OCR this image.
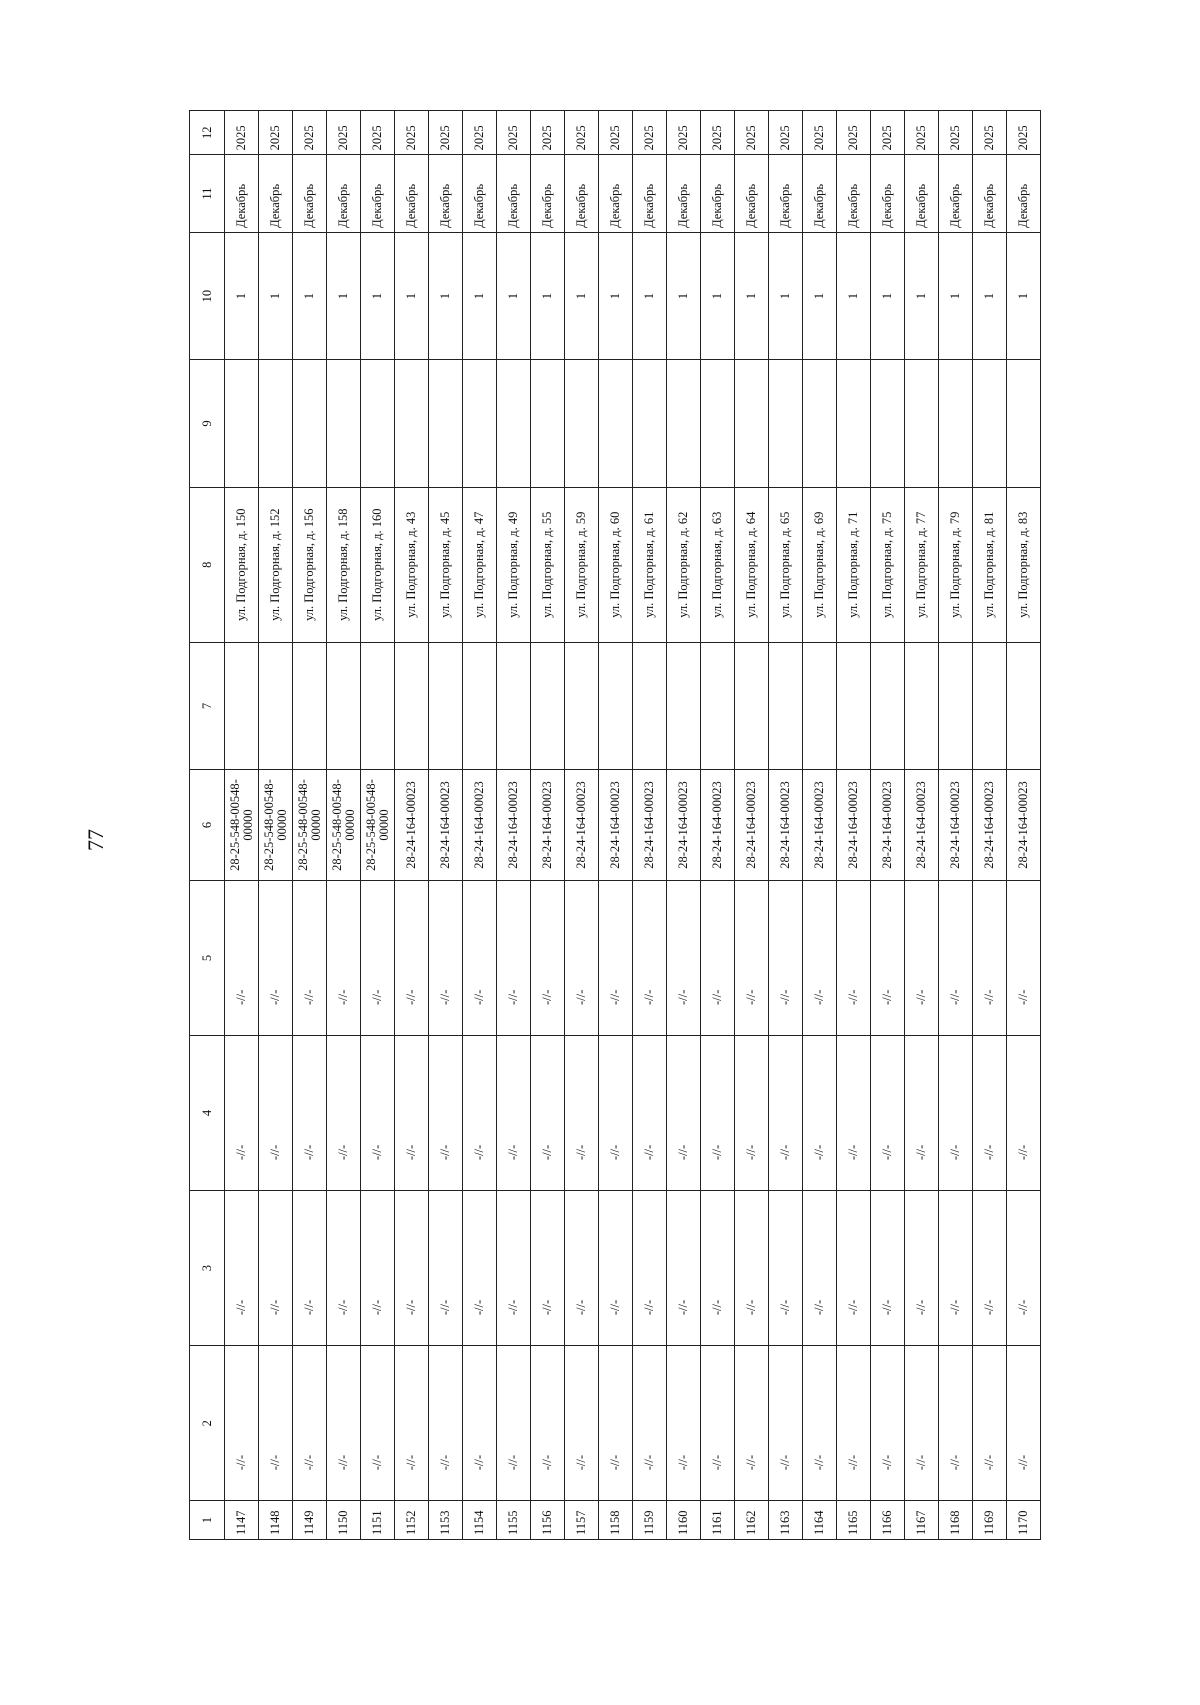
77
1	2	3	4	5	6	7	8	9	10	11	12
1147	-//-	-//-	-//-	-//-	28-25-548-00548-00000		ул. Подгорная, д. 150		1	Декабрь	2025
1148	-//-	-//-	-//-	-//-	28-25-548-00548-00000		ул. Подгорная, д. 152		1	Декабрь	2025
1149	-//-	-//-	-//-	-//-	28-25-548-00548-00000		ул. Подгорная, д. 156		1	Декабрь	2025
1150	-//-	-//-	-//-	-//-	28-25-548-00548-00000		ул. Подгорная, д. 158		1	Декабрь	2025
1151	-//-	-//-	-//-	-//-	28-25-548-00548-00000		ул. Подгорная, д. 160		1	Декабрь	2025
1152	-//-	-//-	-//-	-//-	28-24-164-00023		ул. Подгорная, д. 43		1	Декабрь	2025
1153	-//-	-//-	-//-	-//-	28-24-164-00023		ул. Подгорная, д. 45		1	Декабрь	2025
1154	-//-	-//-	-//-	-//-	28-24-164-00023		ул. Подгорная, д. 47		1	Декабрь	2025
1155	-//-	-//-	-//-	-//-	28-24-164-00023		ул. Подгорная, д. 49		1	Декабрь	2025
1156	-//-	-//-	-//-	-//-	28-24-164-00023		ул. Подгорная, д. 55		1	Декабрь	2025
1157	-//-	-//-	-//-	-//-	28-24-164-00023		ул. Подгорная, д. 59		1	Декабрь	2025
1158	-//-	-//-	-//-	-//-	28-24-164-00023		ул. Подгорная, д. 60		1	Декабрь	2025
1159	-//-	-//-	-//-	-//-	28-24-164-00023		ул. Подгорная, д. 61		1	Декабрь	2025
1160	-//-	-//-	-//-	-//-	28-24-164-00023		ул. Подгорная, д. 62		1	Декабрь	2025
1161	-//-	-//-	-//-	-//-	28-24-164-00023		ул. Подгорная, д. 63		1	Декабрь	2025
1162	-//-	-//-	-//-	-//-	28-24-164-00023		ул. Подгорная, д. 64		1	Декабрь	2025
1163	-//-	-//-	-//-	-//-	28-24-164-00023		ул. Подгорная, д. 65		1	Декабрь	2025
1164	-//-	-//-	-//-	-//-	28-24-164-00023		ул. Подгорная, д. 69		1	Декабрь	2025
1165	-//-	-//-	-//-	-//-	28-24-164-00023		ул. Подгорная, д. 71		1	Декабрь	2025
1166	-//-	-//-	-//-	-//-	28-24-164-00023		ул. Подгорная, д. 75		1	Декабрь	2025
1167	-//-	-//-	-//-	-//-	28-24-164-00023		ул. Подгорная, д. 77		1	Декабрь	2025
1168	-//-	-//-	-//-	-//-	28-24-164-00023		ул. Подгорная, д. 79		1	Декабрь	2025
1169	-//-	-//-	-//-	-//-	28-24-164-00023		ул. Подгорная, д. 81		1	Декабрь	2025
1170	-//-	-//-	-//-	-//-	28-24-164-00023		ул. Подгорная, д. 83		1	Декабрь	2025
